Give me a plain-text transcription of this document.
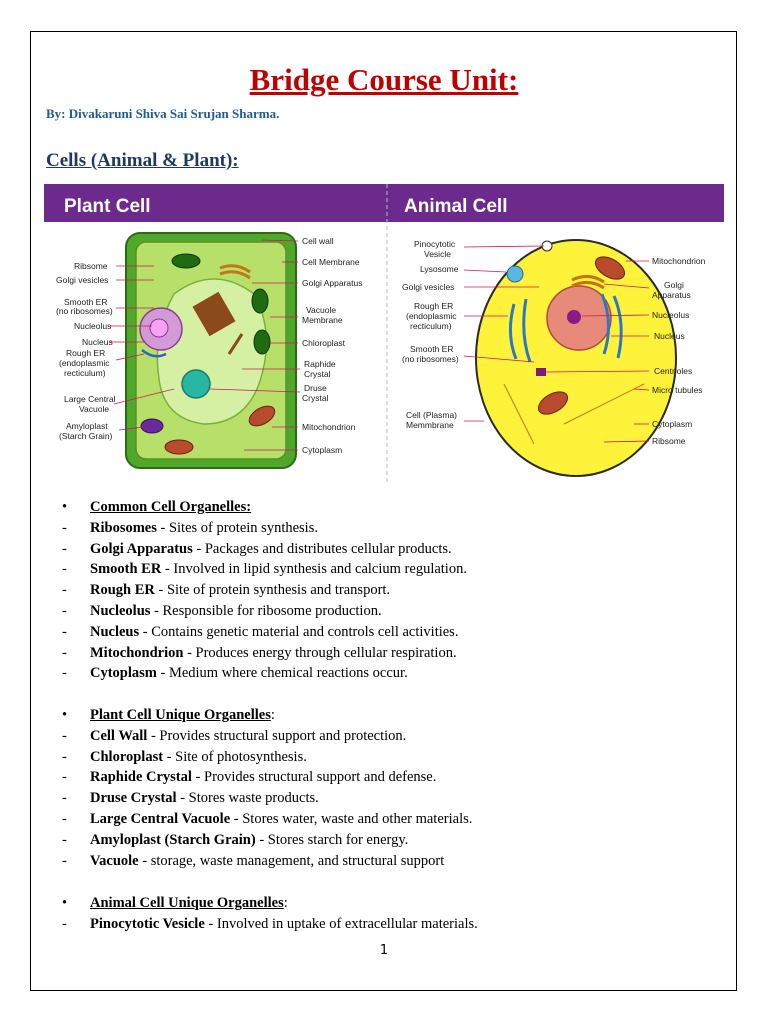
Bridge Course Unit:
By: Divakaruni Shiva Sai Srujan Sharma.
Cells (Animal & Plant):
Plant Cell	Animal Cell
Ribsome
Golgi vesicles
Smooth ER
(no ribosomes)
Nucleolus
Nucleus
Rough ER
(endoplasmic
recticulum)
Large Central
Vacuole
Amyloplast
(Starch Grain)
Cell wall
Cell Membrane
Golgi Apparatus
Vacuole
Membrane
Chloroplast
Raphide
Crystal
Druse
Crystal
Mitochondrion
Cytoplasm
Pinocytotic
Vesicle
Lysosome
Golgi vesicles
Rough ER
(endoplasmic
recticulum)
Smooth ER
(no ribosomes)
Cell (Plasma)
Memmbrane
Mitochondrion
Golgi
Apparatus
Nucleolus
Nucleus
Centrioles
Micro tubules
Cytoplasm
Ribsome
•	Common Cell Organelles:
-	Ribosomes - Sites of protein synthesis.
-	Golgi Apparatus - Packages and distributes cellular products.
-	Smooth ER - Involved in lipid synthesis and calcium regulation.
-	Rough ER - Site of protein synthesis and transport.
-	Nucleolus - Responsible for ribosome production.
-	Nucleus - Contains genetic material and controls cell activities.
-	Mitochondrion - Produces energy through cellular respiration.
-	Cytoplasm - Medium where chemical reactions occur.
•	Plant Cell Unique Organelles:
-	Cell Wall - Provides structural support and protection.
-	Chloroplast - Site of photosynthesis.
-	Raphide Crystal - Provides structural support and defense.
-	Druse Crystal - Stores waste products.
-	Large Central Vacuole - Stores water, waste and other materials.
-	Amyloplast (Starch Grain) - Stores starch for energy.
-	Vacuole - storage, waste management, and structural support
•	Animal Cell Unique Organelles:
-	Pinocytotic Vesicle - Involved in uptake of extracellular materials.
1
